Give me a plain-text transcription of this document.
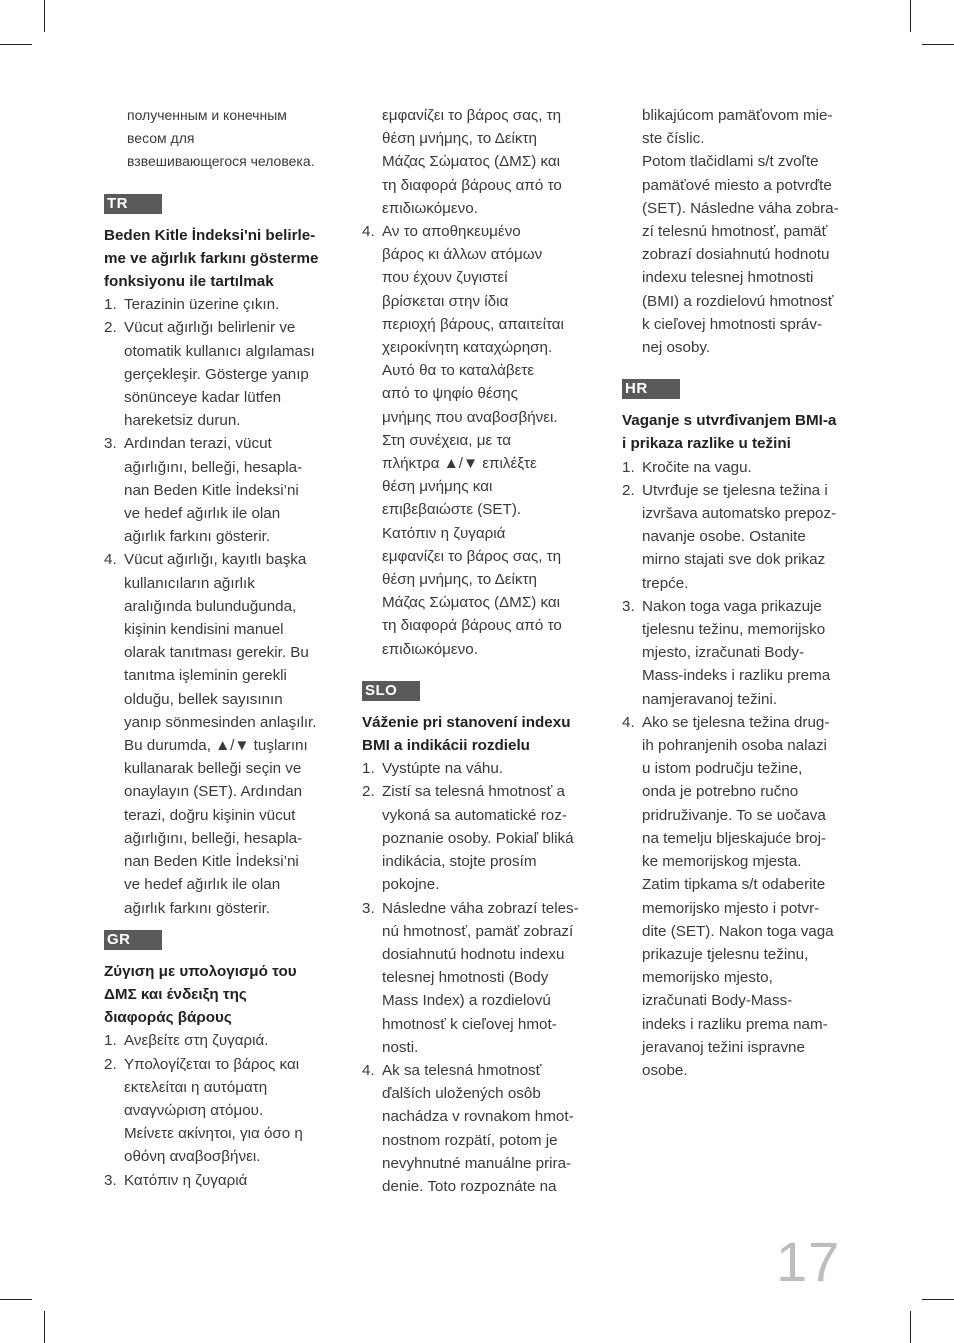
полученным и конечным
весом для
взвешивающегося человека.
TR
Beden Kitle İndeksi'ni belirle-
me ve ağırlık farkını gösterme
fonksiyonu ile tartılmak
1. Terazinin üzerine çıkın.
2. Vücut ağırlığı belirlenir ve
otomatik kullanıcı algılaması
gerçekleşir. Gösterge yanıp
sönünceye kadar lütfen
hareketsiz durun.
3. Ardından terazi, vücut
ağırlığını, belleği, hesapla-
nan Beden Kitle İndeksi’ni
ve hedef ağırlık ile olan
ağırlık farkını gösterir.
4. Vücut ağırlığı, kayıtlı başka
kullanıcıların ağırlık
aralığında bulunduğunda,
kişinin kendisini manuel
olarak tanıtması gerekir. Bu
tanıtma işleminin gerekli
olduğu, bellek sayısının
yanıp sönmesinden anlaşılır.
Bu durumda, ▲/▼ tuşlarını
kullanarak belleği seçin ve
onaylayın (SET). Ardından
terazi, doğru kişinin vücut
ağırlığını, belleği, hesapla-
nan Beden Kitle İndeksi’ni
ve hedef ağırlık ile olan
ağırlık farkını gösterir.
GR
Ζύγιση με υπολογισμό του
ΔΜΣ και ένδειξη της
διαφοράς βάρους
1. Ανεβείτε στη ζυγαριά.
2. Υπολογίζεται το βάρος και
εκτελείται η αυτόματη
αναγνώριση ατόμου.
Μείνετε ακίνητοι, για όσο η
οθόνη αναβοσβήνει.
3. Κατόπιν η ζυγαριά
εμφανίζει το βάρος σας, τη
θέση μνήμης, το Δείκτη
Μάζας Σώματος (ΔΜΣ) και
τη διαφορά βάρους από το
επιδιωκόμενο.
4. Αν το αποθηκευμένο
βάρος κι άλλων ατόμων
που έχουν ζυγιστεί
βρίσκεται στην ίδια
περιοχή βάρους, απαιτείται
χειροκίνητη καταχώρηση.
Αυτό θα το καταλάβετε
από το ψηφίο θέσης
μνήμης που αναβοσβήνει.
Στη συνέχεια, με τα
πλήκτρα ▲/▼ επιλέξτε
θέση μνήμης και
επιβεβαιώστε (SET).
Κατόπιν η ζυγαριά
εμφανίζει το βάρος σας, τη
θέση μνήμης, το Δείκτη
Μάζας Σώματος (ΔΜΣ) και
τη διαφορά βάρους από το
επιδιωκόμενο.
SLO
Váženie pri stanovení indexu
BMI a indikácii rozdielu
1. Vystúpte na váhu.
2. Zistí sa telesná hmotnosť a
vykoná sa automatické roz-
poznanie osoby. Pokiaľ bliká
indikácia, stojte prosím
pokojne.
3. Následne váha zobrazí teles-
nú hmotnosť, pamäť zobrazí
dosiahnutú hodnotu indexu
telesnej hmotnosti (Body
Mass Index) a rozdielovú
hmotnosť k cieľovej hmot-
nosti.
4. Ak sa telesná hmotnosť
ďalších uložených osôb
nachádza v rovnakom hmot-
nostnom rozpätí, potom je
nevyhnutné manuálne prira-
denie. Toto rozpoznáte na
blikajúcom pamäťovom mie-
ste číslic.
Potom tlačidlami s/t zvoľte
pamäťové miesto a potvrďte
(SET). Následne váha zobra-
zí telesnú hmotnosť, pamäť
zobrazí dosiahnutú hodnotu
indexu telesnej hmotnosti
(BMI) a rozdielovú hmotnosť
k cieľovej hmotnosti správ-
nej osoby.
HR
Vaganje s utvrđivanjem BMI-a
i prikaza razlike u težini
1. Kročite na vagu.
2. Utvrđuje se tjelesna težina i
izvršava automatsko prepoz-
navanje osobe. Ostanite
mirno stajati sve dok prikaz
trepće.
3. Nakon toga vaga prikazuje
tjelesnu težinu, memorijsko
mjesto, izračunati Body-
Mass-indeks i razliku prema
namjeravanoj težini.
4. Ako se tjelesna težina drug-
ih pohranjenih osoba nalazi
u istom području težine,
onda je potrebno ručno
pridruživanje. To se uočava
na temelju bljeskajuće broj-
ke memorijskog mjesta.
Zatim tipkama s/t odaberite
memorijsko mjesto i potvr-
dite (SET). Nakon toga vaga
prikazuje tjelesnu težinu,
memorijsko mjesto,
izračunati Body-Mass-
indeks i razliku prema nam-
jeravanoj težini ispravne
osobe.
17
